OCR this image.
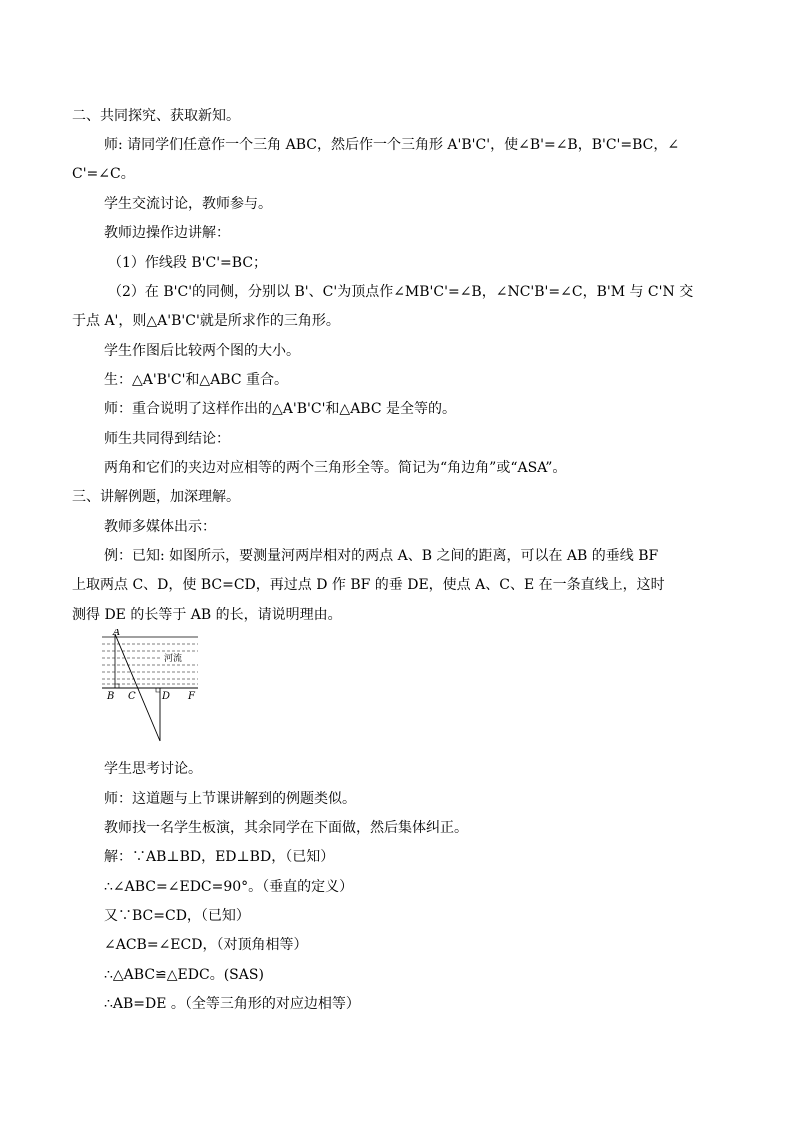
二、共同探究、获取新知。
师: 请同学们任意作一个三角 ABC，然后作一个三角形 A'B'C'，使∠B'=∠B，B'C'=BC，∠
C'=∠C。
学生交流讨论，教师参与。
教师边操作边讲解：
（1）作线段 B'C'=BC；
（2）在 B'C'的同侧，分别以 B'、C'为顶点作∠MB'C'=∠B，∠NC'B'=∠C，B'M 与 C'N 交
于点 A'，则△A'B'C'就是所求作的三角形。
学生作图后比较两个图的大小。
生：△A'B'C'和△ABC 重合。
师：重合说明了这样作出的△A'B'C'和△ABC 是全等的。
师生共同得到结论：
两角和它们的夹边对应相等的两个三角形全等。简记为“角边角”或“ASA”。
三、讲解例题，加深理解。
教师多媒体出示：
例：已知: 如图所示，要测量河两岸相对的两点 A、B 之间的距离，可以在 AB 的垂线 BF
上取两点 C、D，使 BC=CD，再过点 D 作 BF 的垂 DE，使点 A、C、E 在一条直线上，这时
测得 DE 的长等于 AB 的长，请说明理由。
A
B C	D F
河流
学生思考讨论。
师：这道题与上节课讲解到的例题类似。
教师找一名学生板演，其余同学在下面做，然后集体纠正。
解：∵AB⊥BD，ED⊥BD，（已知）
∴∠ABC=∠EDC=90°。（垂直的定义）
又∵BC=CD，（已知）
∠ACB=∠ECD，（对顶角相等）
∴△ABC≌△EDC。(SAS)
∴AB=DE 。（全等三角形的对应边相等）
